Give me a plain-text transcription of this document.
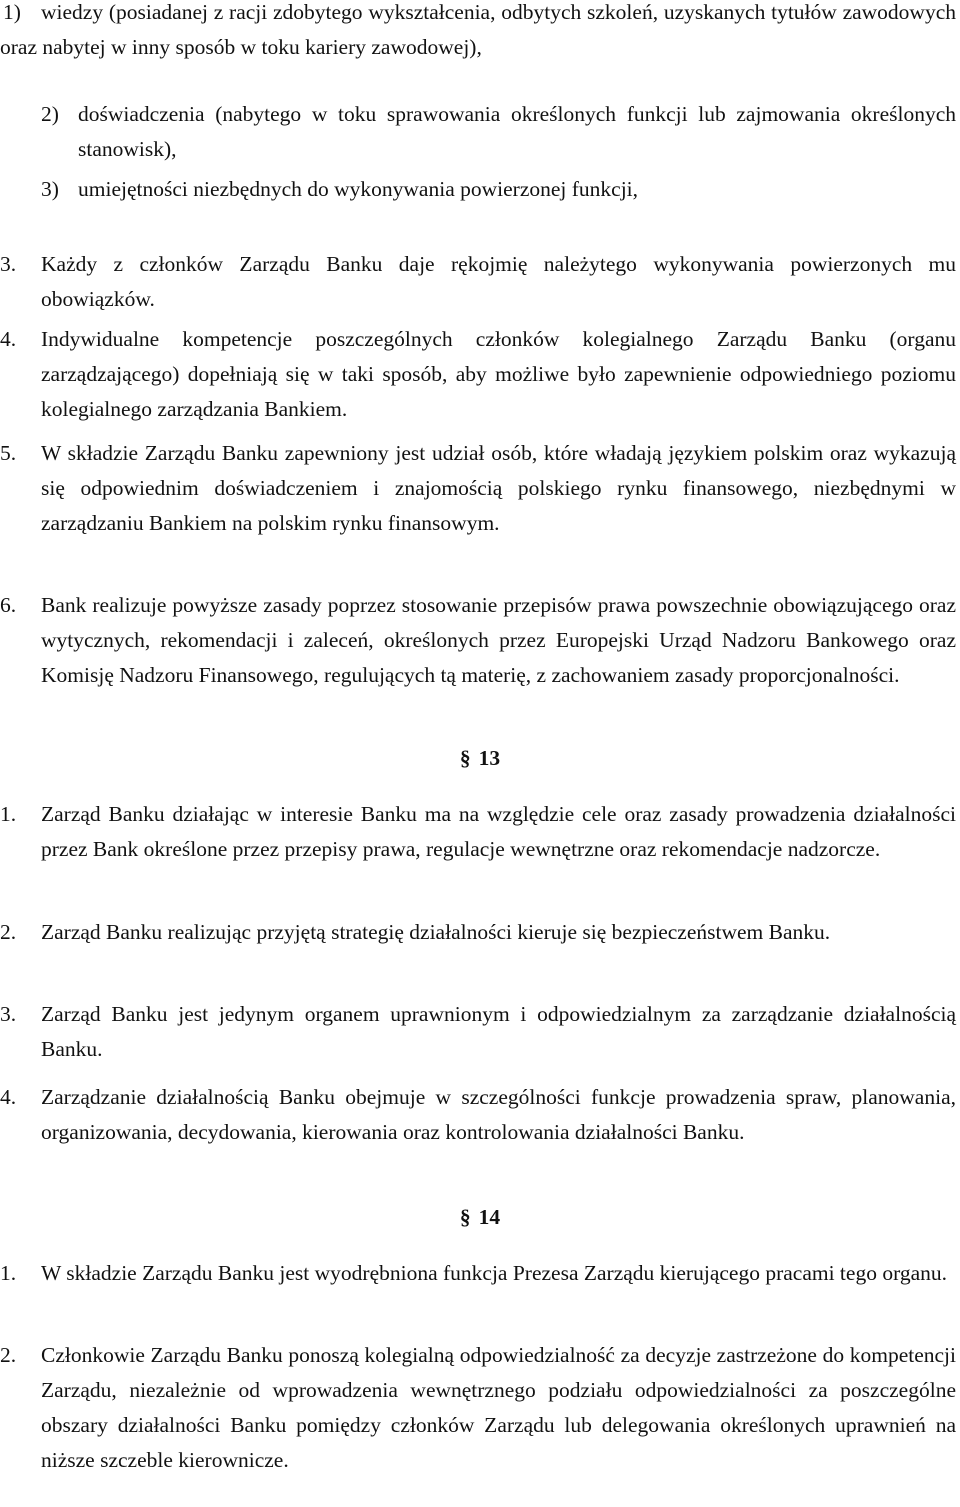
1) wiedzy (posiadanej z racji zdobytego wykształcenia, odbytych szkoleń, uzyskanych tytułów zawodowych oraz nabytej w inny sposób w toku kariery zawodowej),
2) doświadczenia (nabytego w toku sprawowania określonych funkcji lub zajmowania określonych stanowisk),
3) umiejętności niezbędnych do wykonywania powierzonej funkcji,
3. Każdy z członków Zarządu Banku daje rękojmię należytego wykonywania powierzonych mu obowiązków.
4. Indywidualne kompetencje poszczególnych członków kolegialnego Zarządu Banku (organu zarządzającego) dopełniają się w taki sposób, aby możliwe było zapewnienie odpowiedniego poziomu kolegialnego zarządzania Bankiem.
5. W składzie Zarządu Banku zapewniony jest udział osób, które władają językiem polskim oraz wykazują się odpowiednim doświadczeniem i znajomością polskiego rynku finansowego, niezbędnymi w zarządzaniu Bankiem na polskim rynku finansowym.
6. Bank realizuje powyższe zasady poprzez stosowanie przepisów prawa powszechnie obowiązującego oraz wytycznych, rekomendacji i zaleceń, określonych przez Europejski Urząd Nadzoru Bankowego oraz Komisję Nadzoru Finansowego, regulujących tą materię, z zachowaniem zasady proporcjonalności.
§ 13
1. Zarząd Banku działając w interesie Banku ma na względzie cele oraz zasady prowadzenia działalności przez Bank określone przez przepisy prawa, regulacje wewnętrzne oraz rekomendacje nadzorcze.
2. Zarząd Banku realizując przyjętą strategię działalności kieruje się bezpieczeństwem Banku.
3. Zarząd Banku jest jedynym organem uprawnionym i odpowiedzialnym za zarządzanie działalnością Banku.
4. Zarządzanie działalnością Banku obejmuje w szczególności funkcje prowadzenia spraw, planowania, organizowania, decydowania, kierowania oraz kontrolowania działalności Banku.
§ 14
1. W składzie Zarządu Banku jest wyodrębniona funkcja Prezesa Zarządu kierującego pracami tego organu.
2. Członkowie Zarządu Banku ponoszą kolegialną odpowiedzialność za decyzje zastrzeżone do kompetencji Zarządu, niezależnie od wprowadzenia wewnętrznego podziału odpowiedzialności za poszczególne obszary działalności Banku pomiędzy członków Zarządu lub delegowania określonych uprawnień na niższe szczeble kierownicze.
